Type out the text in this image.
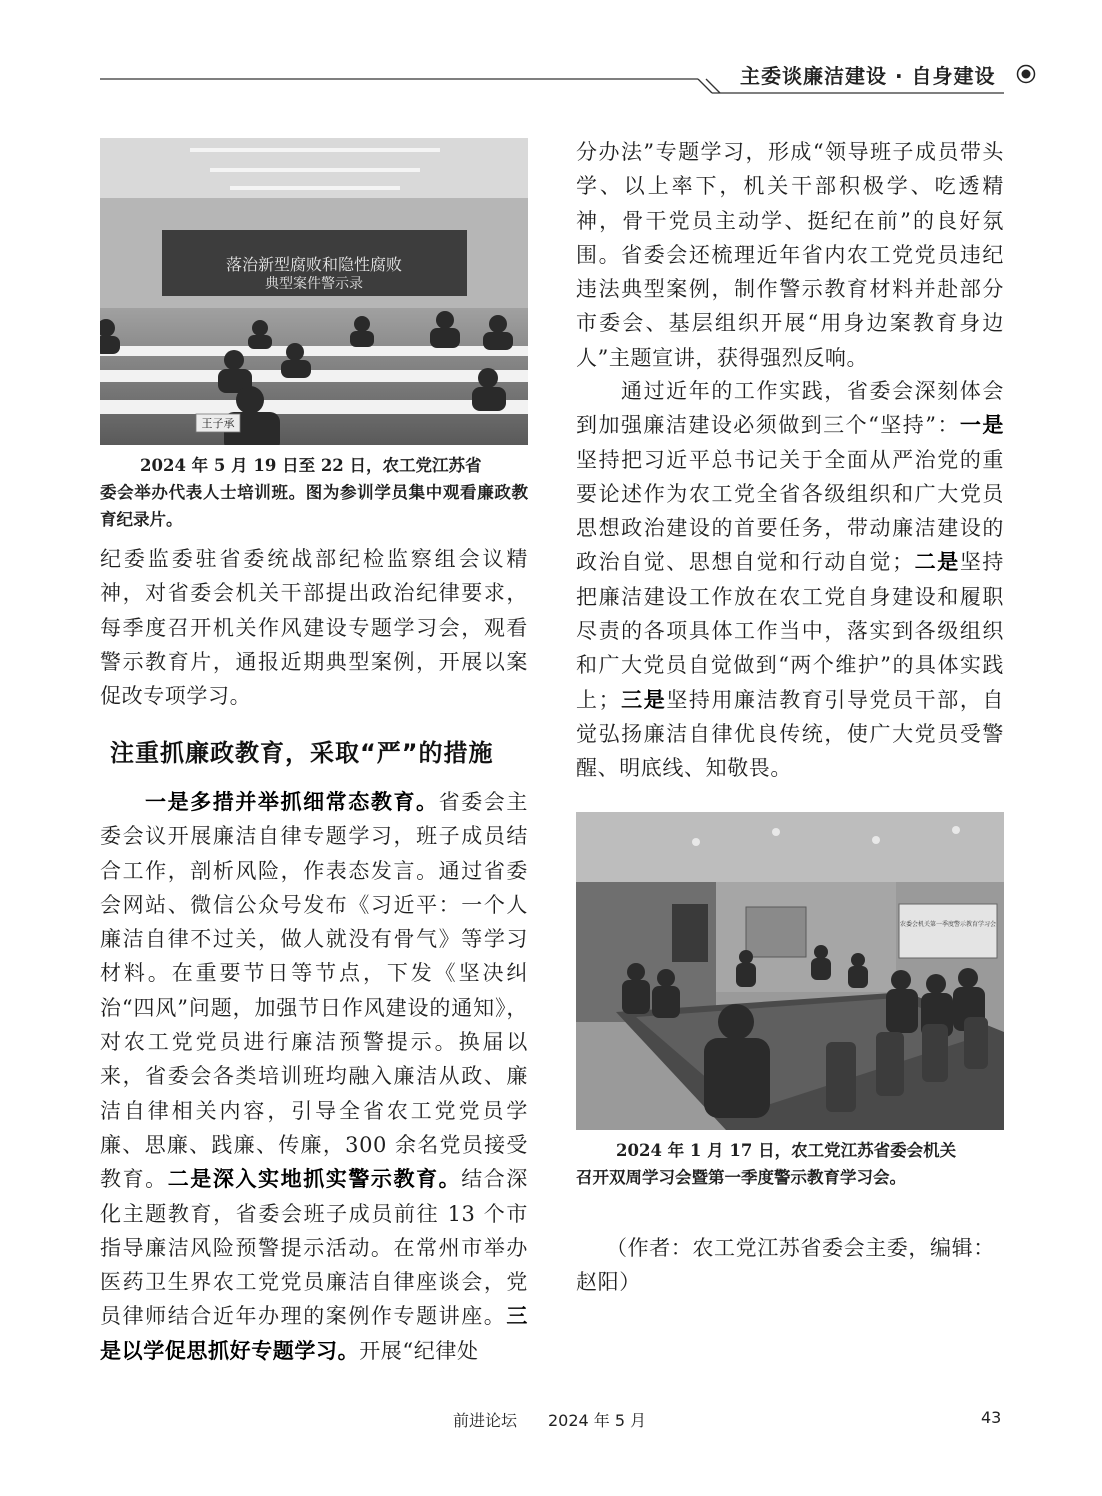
主委谈廉洁建设 · 自身建设
落治新型腐败和隐性腐败
典型案件警示录
王子承
2024 年 5 月 19 日至 22 日，农工党江苏省
委会举办代表人士培训班。图为参训学员集中观看廉政教育纪录片。
纪委监委驻省委统战部纪检监察组会议精神，对省委会机关干部提出政治纪律要求，每季度召开机关作风建设专题学习会，观看警示教育片，通报近期典型案例，开展以案促改专项学习。
注重抓廉政教育，采取“严”的措施
一是多措并举抓细常态教育。省委会主委会议开展廉洁自律专题学习，班子成员结合工作，剖析风险，作表态发言。通过省委会网站、微信公众号发布《习近平：一个人廉洁自律不过关，做人就没有骨气》等学习材料。在重要节日等节点，下发《坚决纠治“四风”问题，加强节日作风建设的通知》，对农工党党员进行廉洁预警提示。换届以来，省委会各类培训班均融入廉洁从政、廉洁自律相关内容，引导全省农工党党员学廉、思廉、践廉、传廉，300 余名党员接受教育。二是深入实地抓实警示教育。结合深化主题教育，省委会班子成员前往 13 个市指导廉洁风险预警提示活动。在常州市举办医药卫生界农工党党员廉洁自律座谈会，党员律师结合近年办理的案例作专题讲座。三是以学促思抓好专题学习。开展“纪律处
分办法”专题学习，形成“领导班子成员带头学、以上率下，机关干部积极学、吃透精神，骨干党员主动学、挺纪在前”的良好氛围。省委会还梳理近年省内农工党党员违纪违法典型案例，制作警示教育材料并赴部分市委会、基层组织开展“用身边案教育身边人”主题宣讲，获得强烈反响。
通过近年的工作实践，省委会深刻体会到加强廉洁建设必须做到三个“坚持”：一是坚持把习近平总书记关于全面从严治党的重要论述作为农工党全省各级组织和广大党员思想政治建设的首要任务，带动廉洁建设的政治自觉、思想自觉和行动自觉；二是坚持把廉洁建设工作放在农工党自身建设和履职尽责的各项具体工作当中，落实到各级组织和广大党员自觉做到“两个维护”的具体实践上；三是坚持用廉洁教育引导党员干部，自觉弘扬廉洁自律优良传统，使广大党员受警醒、明底线、知敬畏。
农委会机关第一季度警示教育学习会
2024 年 1 月 17 日，农工党江苏省委会机关
召开双周学习会暨第一季度警示教育学习会。
（作者：农工党江苏省委会主委，编辑：
赵阳）
前进论坛 2024 年 5 月	43
